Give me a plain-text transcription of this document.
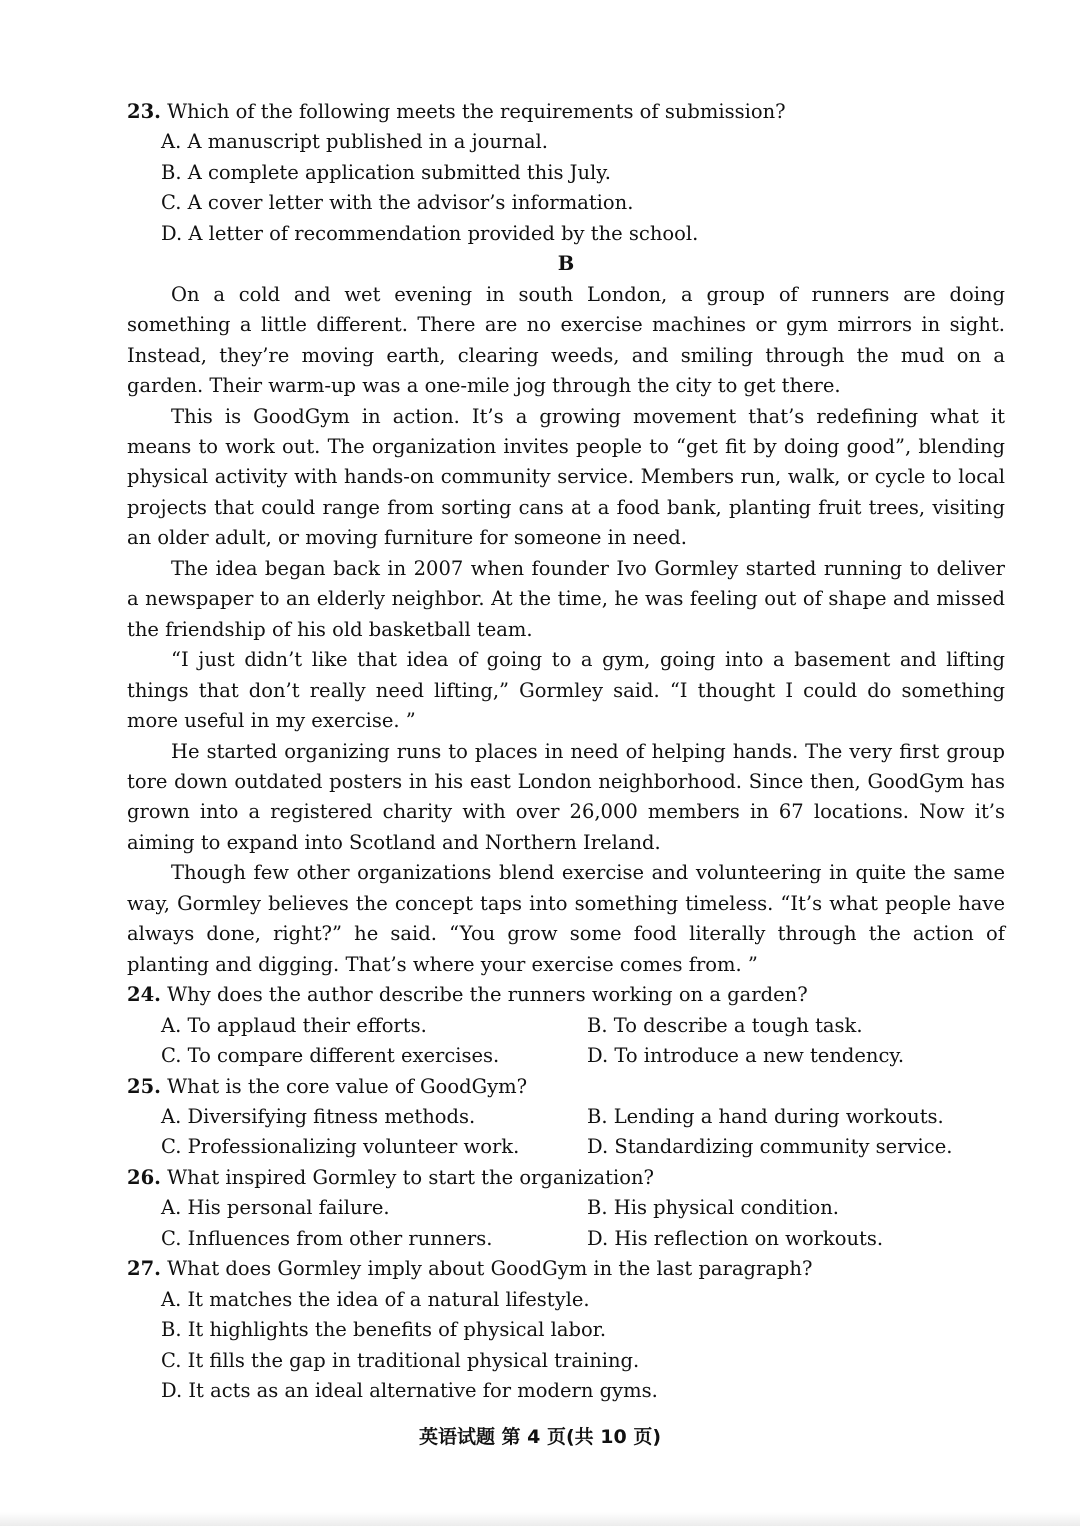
23. Which of the following meets the requirements of submission?
A. A manuscript published in a journal.
B. A complete application submitted this July.
C. A cover letter with the advisor’s information.
D. A letter of recommendation provided by the school.
B

On a cold and wet evening in south London, a group of runners are doing something a little different. There are no exercise machines or gym mirrors in sight. Instead, they’re moving earth, clearing weeds, and smiling through the mud on a garden. Their warm-up was a one-mile jog through the city to get there.

This is GoodGym in action. It’s a growing movement that’s redefining what it means to work out. The organization invites people to “get fit by doing good”, blending physical activity with hands-on community service. Members run, walk, or cycle to local projects that could range from sorting cans at a food bank, planting fruit trees, visiting an older adult, or moving furniture for someone in need.

The idea began back in 2007 when founder Ivo Gormley started running to deliver a newspaper to an elderly neighbor. At the time, he was feeling out of shape and missed the friendship of his old basketball team.

“I just didn’t like that idea of going to a gym, going into a basement and lifting things that don’t really need lifting,” Gormley said. “I thought I could do something more useful in my exercise. ”

He started organizing runs to places in need of helping hands. The very first group tore down outdated posters in his east London neighborhood. Since then, GoodGym has grown into a registered charity with over 26,000 members in 67 locations. Now it’s aiming to expand into Scotland and Northern Ireland.

Though few other organizations blend exercise and volunteering in quite the same way, Gormley believes the concept taps into something timeless. “It’s what people have always done, right?” he said. “You grow some food literally through the action of planting and digging. That’s where your exercise comes from. ”

24. Why does the author describe the runners working on a garden?
A. To applaud their efforts.	B. To describe a tough task.
C. To compare different exercises.	D. To introduce a new tendency.
25. What is the core value of GoodGym?
A. Diversifying fitness methods.	B. Lending a hand during workouts.
C. Professionalizing volunteer work.	D. Standardizing community service.
26. What inspired Gormley to start the organization?
A. His personal failure.	B. His physical condition.
C. Influences from other runners.	D. His reflection on workouts.
27. What does Gormley imply about GoodGym in the last paragraph?
A. It matches the idea of a natural lifestyle.
B. It highlights the benefits of physical labor.
C. It fills the gap in traditional physical training.
D. It acts as an ideal alternative for modern gyms.
英语试题 第 4 页(共 10 页)
